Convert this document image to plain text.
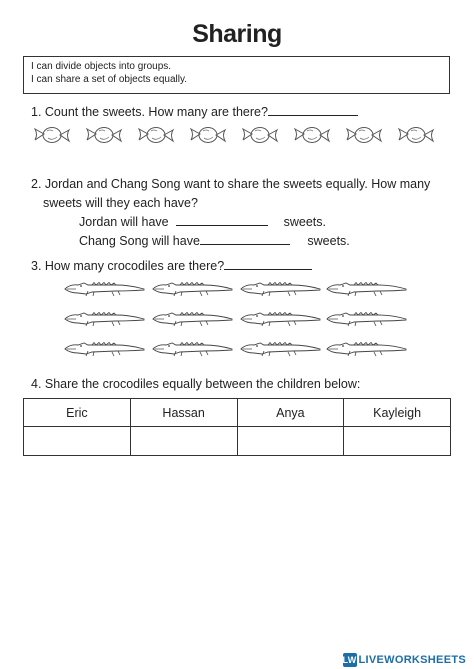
Sharing
I can divide objects into groups.
I can share a set of objects equally.
1. Count the sweets. How many are there?
2. Jordan and Chang Song want to share the sweets equally. How many
sweets will they each have?
Jordan will have	sweets.
Chang Song will have	sweets.
3. How many crocodiles are there?
4. Share the crocodiles equally between the children below:
Eric	Hassan	Anya	Kayleigh

LW LIVEWORKSHEETS
